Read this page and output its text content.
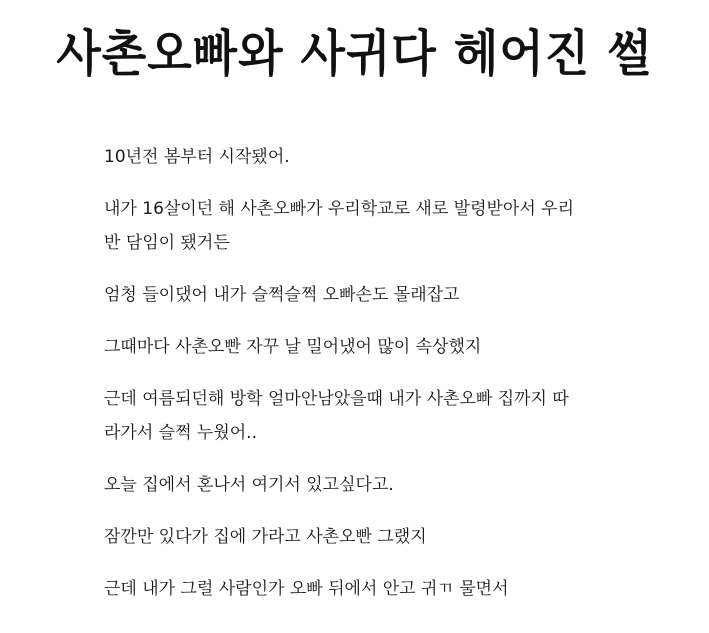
사촌오빠와 사귀다 헤어진 썰

10년전 봄부터 시작됐어.

내가 16살이던 해 사촌오빠가 우리학교로 새로 발령받아서 우리
반 담임이 됐거든

엄청 들이댔어 내가 슬쩍슬쩍 오빠손도 몰래잡고

그때마다 사촌오빤 자꾸 날 밀어냈어 많이 속상했지

근데 여름되던해 방학 얼마안남았을때 내가 사촌오빠 집까지 따
라가서 슬쩍 누웠어..

오늘 집에서 혼나서 여기서 있고싶다고.

잠깐만 있다가 집에 가라고 사촌오빤 그랬지

근데 내가 그럴 사람인가 오빠 뒤에서 안고 귀ㄲ 물면서
